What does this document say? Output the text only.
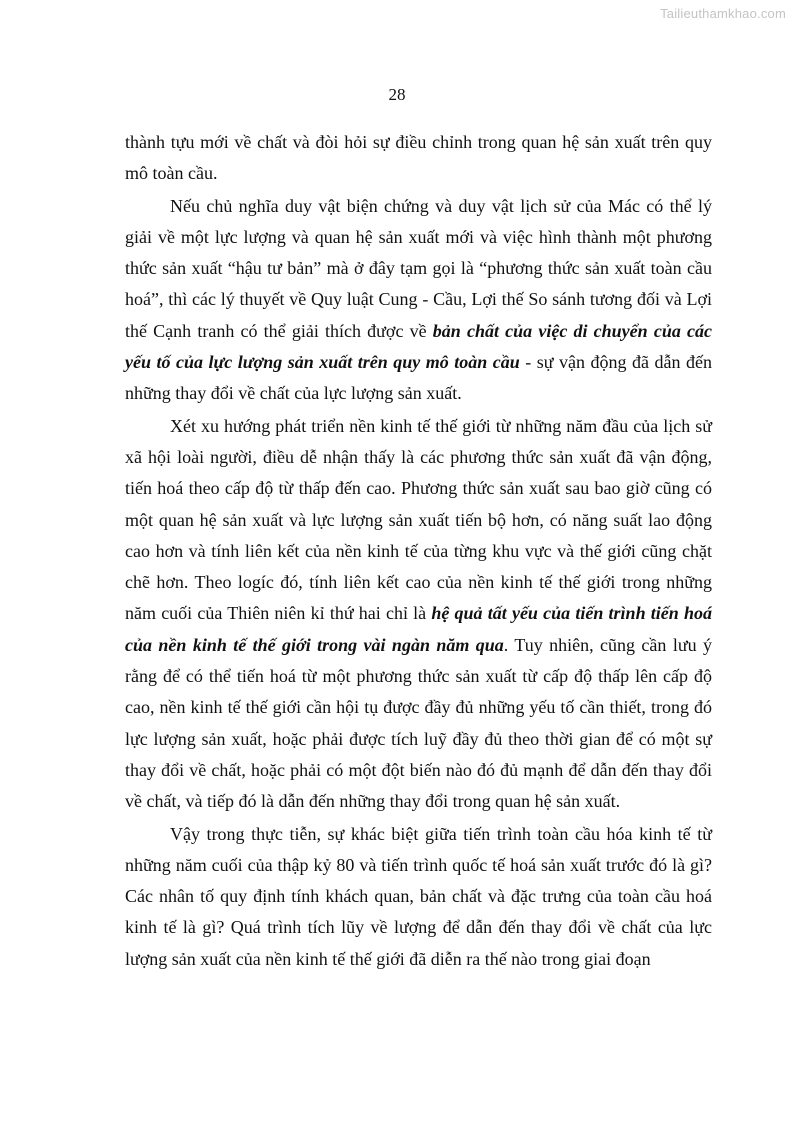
Tailieuthamkhao.com
28

thành tựu mới về chất và đòi hỏi sự điều chỉnh trong quan hệ sản xuất trên quy mô toàn cầu.

Nếu chủ nghĩa duy vật biện chứng và duy vật lịch sử của Mác có thể lý giải về một lực lượng và quan hệ sản xuất mới và việc hình thành một phương thức sản xuất “hậu tư bản” mà ở đây tạm gọi là “phương thức sản xuất toàn cầu hoá”, thì các lý thuyết về Quy luật Cung - Cầu, Lợi thế So sánh tương đối và Lợi thế Cạnh tranh có thể giải thích được về bản chất của việc di chuyển của các yếu tố của lực lượng sản xuất trên quy mô toàn cầu - sự vận động đã dẫn đến những thay đổi về chất của lực lượng sản xuất.

Xét xu hướng phát triển nền kinh tế thế giới từ những năm đầu của lịch sử xã hội loài người, điều dễ nhận thấy là các phương thức sản xuất đã vận động, tiến hoá theo cấp độ từ thấp đến cao. Phương thức sản xuất sau bao giờ cũng có một quan hệ sản xuất và lực lượng sản xuất tiến bộ hơn, có năng suất lao động cao hơn và tính liên kết của nền kinh tế của từng khu vực và thế giới cũng chặt chẽ hơn. Theo logíc đó, tính liên kết cao của nền kinh tế thế giới trong những năm cuối của Thiên niên kỉ thứ hai chỉ là hệ quả tất yếu của tiến trình tiến hoá của nền kinh tế thế giới trong vài ngàn năm qua. Tuy nhiên, cũng cần lưu ý rằng để có thể tiến hoá từ một phương thức sản xuất từ cấp độ thấp lên cấp độ cao, nền kinh tế thế giới cần hội tụ được đầy đủ những yếu tố cần thiết, trong đó lực lượng sản xuất, hoặc phải được tích luỹ đầy đủ theo thời gian để có một sự thay đổi về chất, hoặc phải có một đột biến nào đó đủ mạnh để dẫn đến thay đổi về chất, và tiếp đó là dẫn đến những thay đổi trong quan hệ sản xuất.

Vậy trong thực tiễn, sự khác biệt giữa tiến trình toàn cầu hóa kinh tế từ những năm cuối của thập kỷ 80 và tiến trình quốc tế hoá sản xuất trước đó là gì? Các nhân tố quy định tính khách quan, bản chất và đặc trưng của toàn cầu hoá kinh tế là gì? Quá trình tích lũy về lượng để dẫn đến thay đổi về chất của lực lượng sản xuất của nền kinh tế thế giới đã diễn ra thế nào trong giai đoạn
